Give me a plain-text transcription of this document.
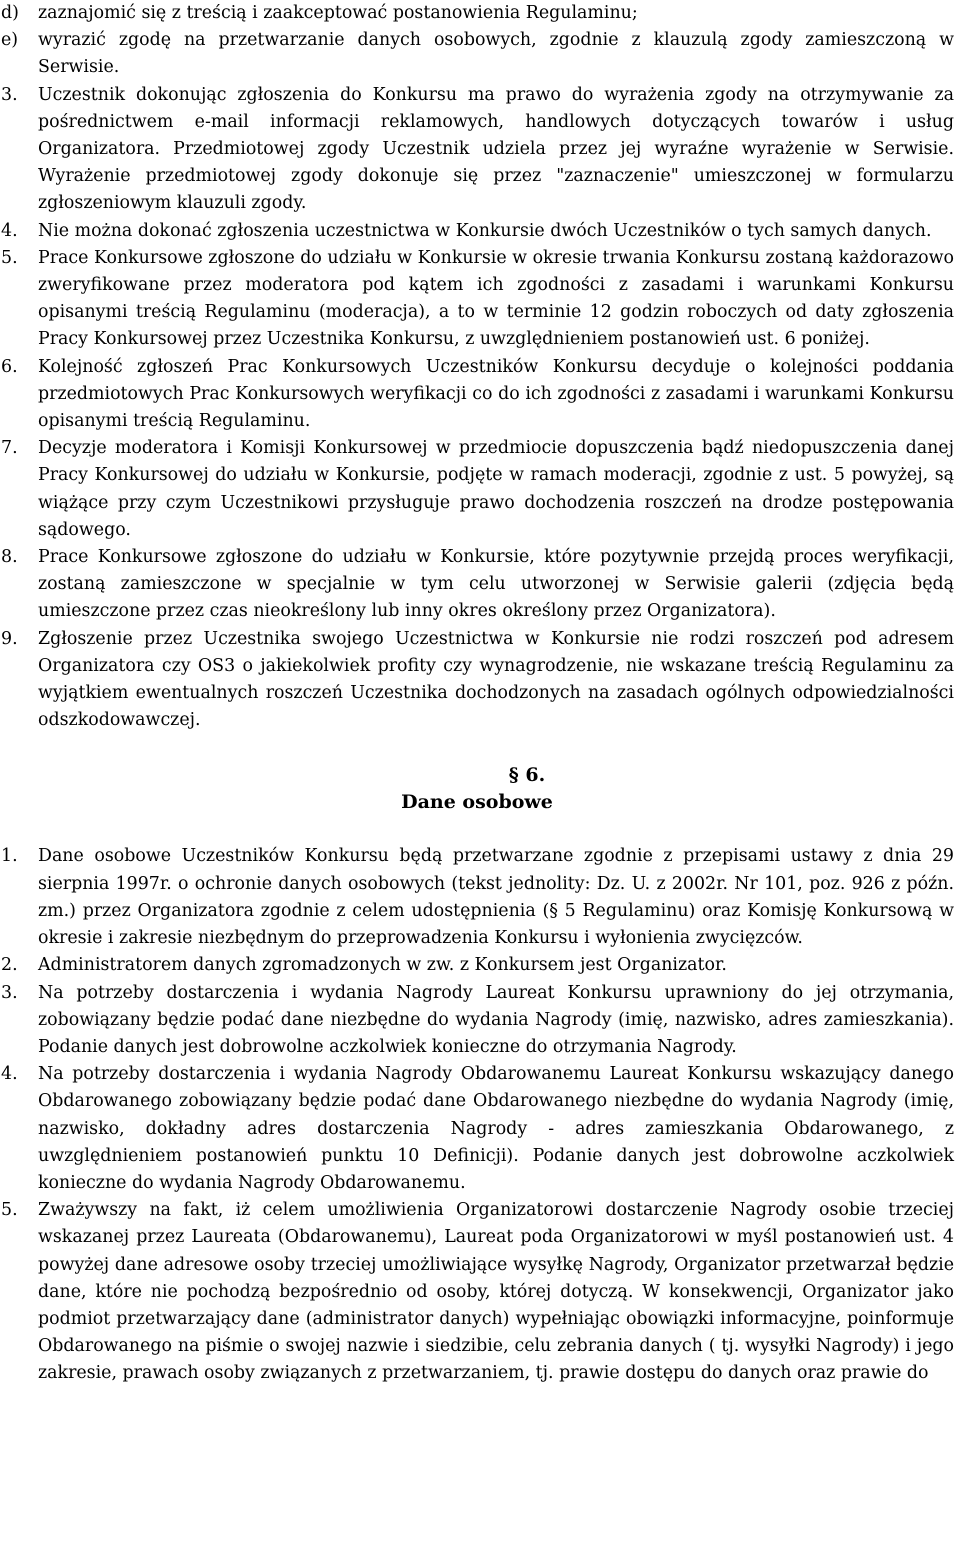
d)	zaznajomić się z treścią i zaakceptować postanowienia Regulaminu;
e)	wyrazić zgodę na przetwarzanie danych osobowych, zgodnie z klauzulą zgody zamieszczoną w Serwisie.
3.	Uczestnik dokonując zgłoszenia do Konkursu ma prawo do wyrażenia zgody na otrzymywanie za pośrednictwem e-mail informacji reklamowych, handlowych dotyczących towarów i usług Organizatora. Przedmiotowej zgody Uczestnik udziela przez jej wyraźne wyrażenie w Serwisie. Wyrażenie przedmiotowej zgody dokonuje się przez "zaznaczenie" umieszczonej w formularzu zgłoszeniowym klauzuli zgody.
4.	Nie można dokonać zgłoszenia uczestnictwa w Konkursie dwóch Uczestników o tych samych danych.
5.	Prace Konkursowe zgłoszone do udziału w Konkursie w okresie trwania Konkursu zostaną każdorazowo zweryfikowane przez moderatora pod kątem ich zgodności z zasadami i warunkami Konkursu opisanymi treścią Regulaminu (moderacja), a to w terminie 12 godzin roboczych od daty zgłoszenia Pracy Konkursowej przez Uczestnika Konkursu, z uwzględnieniem postanowień ust. 6 poniżej.
6.	Kolejność zgłoszeń Prac Konkursowych Uczestników Konkursu decyduje o kolejności poddania przedmiotowych Prac Konkursowych weryfikacji co do ich zgodności z zasadami i warunkami Konkursu opisanymi treścią Regulaminu.
7.	Decyzje moderatora i Komisji Konkursowej w przedmiocie dopuszczenia bądź niedopuszczenia danej Pracy Konkursowej do udziału w Konkursie, podjęte w ramach moderacji, zgodnie z ust. 5 powyżej, są wiążące przy czym Uczestnikowi przysługuje prawo dochodzenia roszczeń na drodze postępowania sądowego.
8.	Prace Konkursowe zgłoszone do udziału w Konkursie, które pozytywnie przejdą proces weryfikacji, zostaną zamieszczone w specjalnie w tym celu utworzonej w Serwisie galerii (zdjęcia będą umieszczone przez czas nieokreślony lub inny okres określony przez Organizatora).
9.	Zgłoszenie przez Uczestnika swojego Uczestnictwa w Konkursie nie rodzi roszczeń pod adresem Organizatora czy OS3 o jakiekolwiek profity czy wynagrodzenie, nie wskazane treścią Regulaminu za wyjątkiem ewentualnych roszczeń Uczestnika dochodzonych na zasadach ogólnych odpowiedzialności odszkodowawczej.

§ 6.

Dane osobowe

1.	Dane osobowe Uczestników Konkursu będą przetwarzane zgodnie z przepisami ustawy z dnia 29 sierpnia 1997r. o ochronie danych osobowych (tekst jednolity: Dz. U. z 2002r. Nr 101, poz. 926 z późn. zm.) przez Organizatora zgodnie z celem udostępnienia (§ 5 Regulaminu) oraz Komisję Konkursową w okresie i zakresie niezbędnym do przeprowadzenia Konkursu i wyłonienia zwycięzców.
2.	Administratorem danych zgromadzonych w zw. z Konkursem jest Organizator.
3.	Na potrzeby dostarczenia i wydania Nagrody Laureat Konkursu uprawniony do jej otrzymania, zobowiązany będzie podać dane niezbędne do wydania Nagrody (imię, nazwisko, adres zamieszkania). Podanie danych jest dobrowolne aczkolwiek konieczne do otrzymania Nagrody.
4.	Na potrzeby dostarczenia i wydania Nagrody Obdarowanemu Laureat Konkursu wskazujący danego Obdarowanego zobowiązany będzie podać dane Obdarowanego niezbędne do wydania Nagrody (imię, nazwisko, dokładny adres dostarczenia Nagrody - adres zamieszkania Obdarowanego, z uwzględnieniem postanowień punktu 10 Definicji). Podanie danych jest dobrowolne aczkolwiek konieczne do wydania Nagrody Obdarowanemu.
5.	Zważywszy na fakt, iż celem umożliwienia Organizatorowi dostarczenie Nagrody osobie trzeciej wskazanej przez Laureata (Obdarowanemu), Laureat poda Organizatorowi w myśl postanowień ust. 4 powyżej dane adresowe osoby trzeciej umożliwiające wysyłkę Nagrody, Organizator przetwarzał będzie dane, które nie pochodzą bezpośrednio od osoby, której dotyczą. W konsekwencji, Organizator jako podmiot przetwarzający dane (administrator danych) wypełniając obowiązki informacyjne, poinformuje Obdarowanego na piśmie o swojej nazwie i siedzibie, celu zebrania danych ( tj. wysyłki Nagrody) i jego zakresie, prawach osoby związanych z przetwarzaniem, tj. prawie dostępu do danych oraz prawie do
